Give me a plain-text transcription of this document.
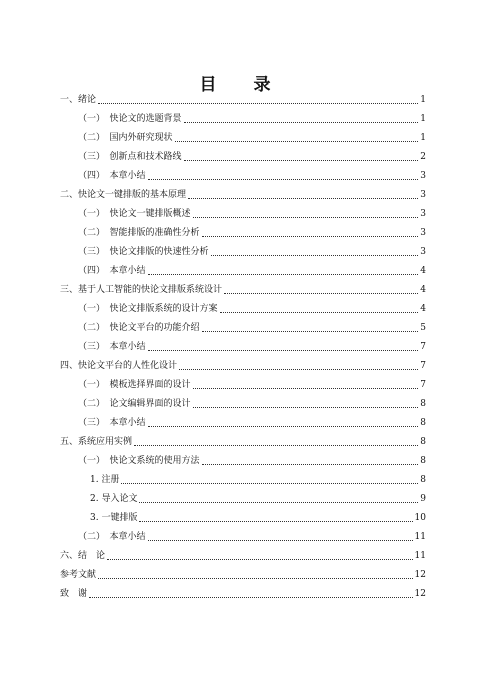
目　录
一、绪论	1
（一）　快论文的选题背景	1
（二）　国内外研究现状	1
（三）　创新点和技术路线	2
（四）　本章小结	3
二、快论文一键排版的基本原理	3
（一）　快论文一键排版概述	3
（二）　智能排版的准确性分析	3
（三）　快论文排版的快速性分析	3
（四）　本章小结	4
三、基于人工智能的快论文排版系统设计	4
（一）　快论文排版系统的设计方案	4
（二）　快论文平台的功能介绍	5
（三）　本章小结	7
四、快论文平台的人性化设计	7
（一）　模板选择界面的设计	7
（二）　论文编辑界面的设计	8
（三）　本章小结	8
五、系统应用实例	8
（一）　快论文系统的使用方法	8
1. 注册	8
2. 导入论文	9
3. 一键排版	10
（二）　本章小结	11
六、结　论	11
参考文献	12
致　谢	12
